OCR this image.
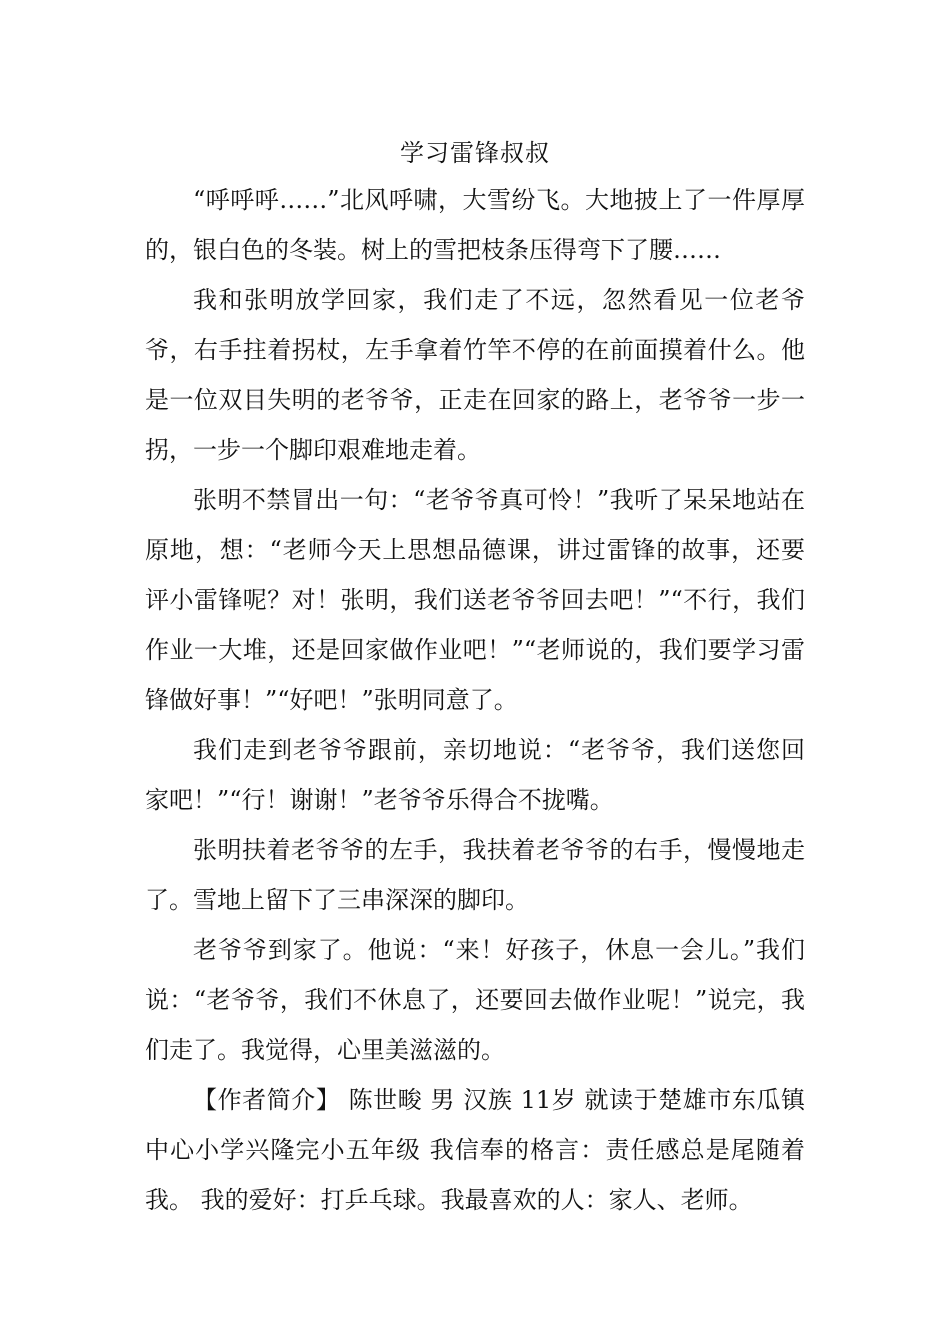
学习雷锋叔叔

“呼呼呼……”北风呼啸，大雪纷飞。大地披上了一件厚厚的，银白色的冬装。树上的雪把枝条压得弯下了腰……

我和张明放学回家，我们走了不远，忽然看见一位老爷爷，右手拄着拐杖，左手拿着竹竿不停的在前面摸着什么。他是一位双目失明的老爷爷，正走在回家的路上，老爷爷一步一拐，一步一个脚印艰难地走着。

张明不禁冒出一句：“老爷爷真可怜！”我听了呆呆地站在原地，想：“老师今天上思想品德课，讲过雷锋的故事，还要评小雷锋呢？对！张明，我们送老爷爷回去吧！”“不行，我们作业一大堆，还是回家做作业吧！”“老师说的，我们要学习雷锋做好事！”“好吧！”张明同意了。

我们走到老爷爷跟前，亲切地说：“老爷爷，我们送您回家吧！”“行！谢谢！”老爷爷乐得合不拢嘴。

张明扶着老爷爷的左手，我扶着老爷爷的右手，慢慢地走了。雪地上留下了三串深深的脚印。

老爷爷到家了。他说：“来！好孩子，休息一会儿。”我们说：“老爷爷，我们不休息了，还要回去做作业呢！”说完，我们走了。我觉得，心里美滋滋的。

【作者简介】 陈世畯 男 汉族 11岁 就读于楚雄市东瓜镇中心小学兴隆完小五年级 我信奉的格言：责任感总是尾随着我。 我的爱好：打乒乓球。我最喜欢的人：家人、老师。
